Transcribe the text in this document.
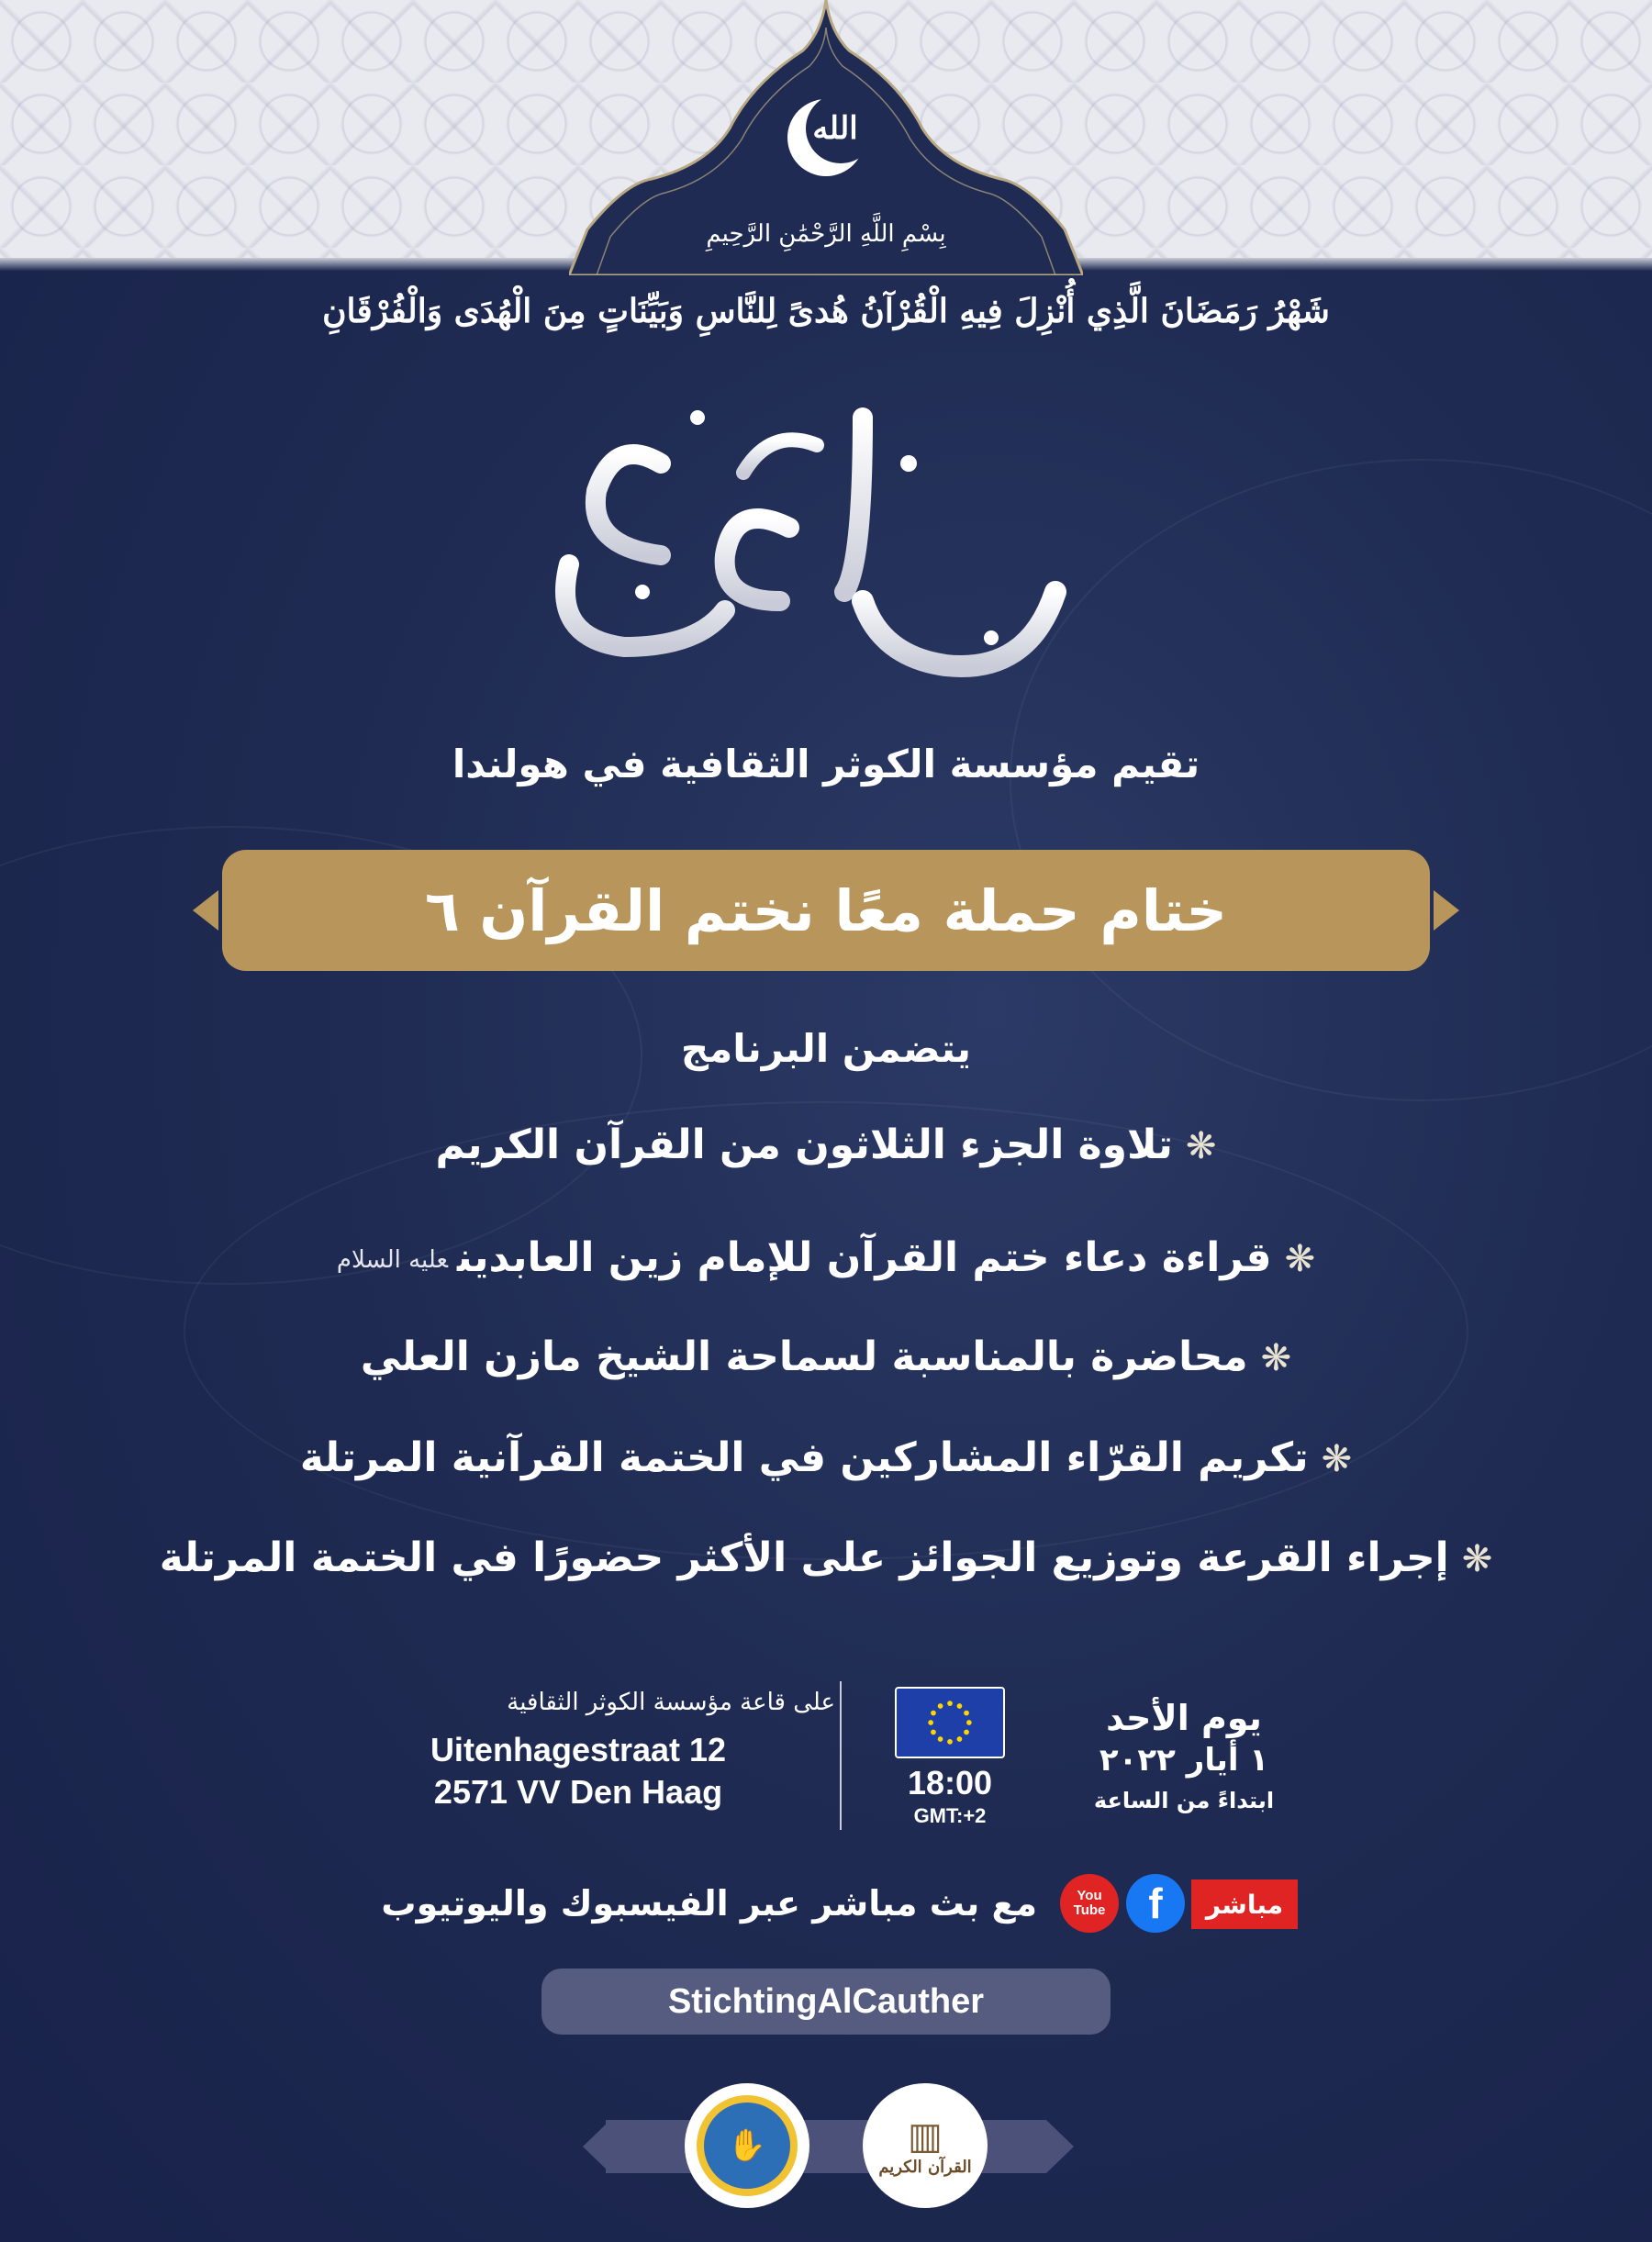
الله
بِسْمِ اللَّهِ الرَّحْمَٰنِ الرَّحِيمِ
شَهْرُ رَمَضَانَ الَّذِي أُنْزِلَ فِيهِ الْقُرْآنُ هُدىً لِلنَّاسِ وَبَيِّنَاتٍ مِنَ الْهُدَى وَالْفُرْقَانِ
تقيم مؤسسة الكوثر الثقافية في هولندا
ختام حملة معًا نختم القرآن ٦
يتضمن البرنامج
❋تلاوة الجزء الثلاثون من القرآن الكريم
❋قراءة دعاء ختم القرآن للإمام زين العابدينعليه السلام
❋محاضرة بالمناسبة لسماحة الشيخ مازن العلي
❋تكريم القرّاء المشاركين في الختمة القرآنية المرتلة
❋إجراء القرعة وتوزيع الجوائز على الأكثر حضورًا في الختمة المرتلة
على قاعة مؤسسة الكوثر الثقافية
Uitenhagestraat 12
2571 VV Den Haag	18:00
GMT:+2
يوم الأحد
١ أيار ٢٠٢٢
ابتداءً من الساعة
مع بث مباشر عبر الفيسبوك واليوتيوب	You
Tube	f	مباشر
StichtingAlCauther
✋	▥
القرآن الكريم
